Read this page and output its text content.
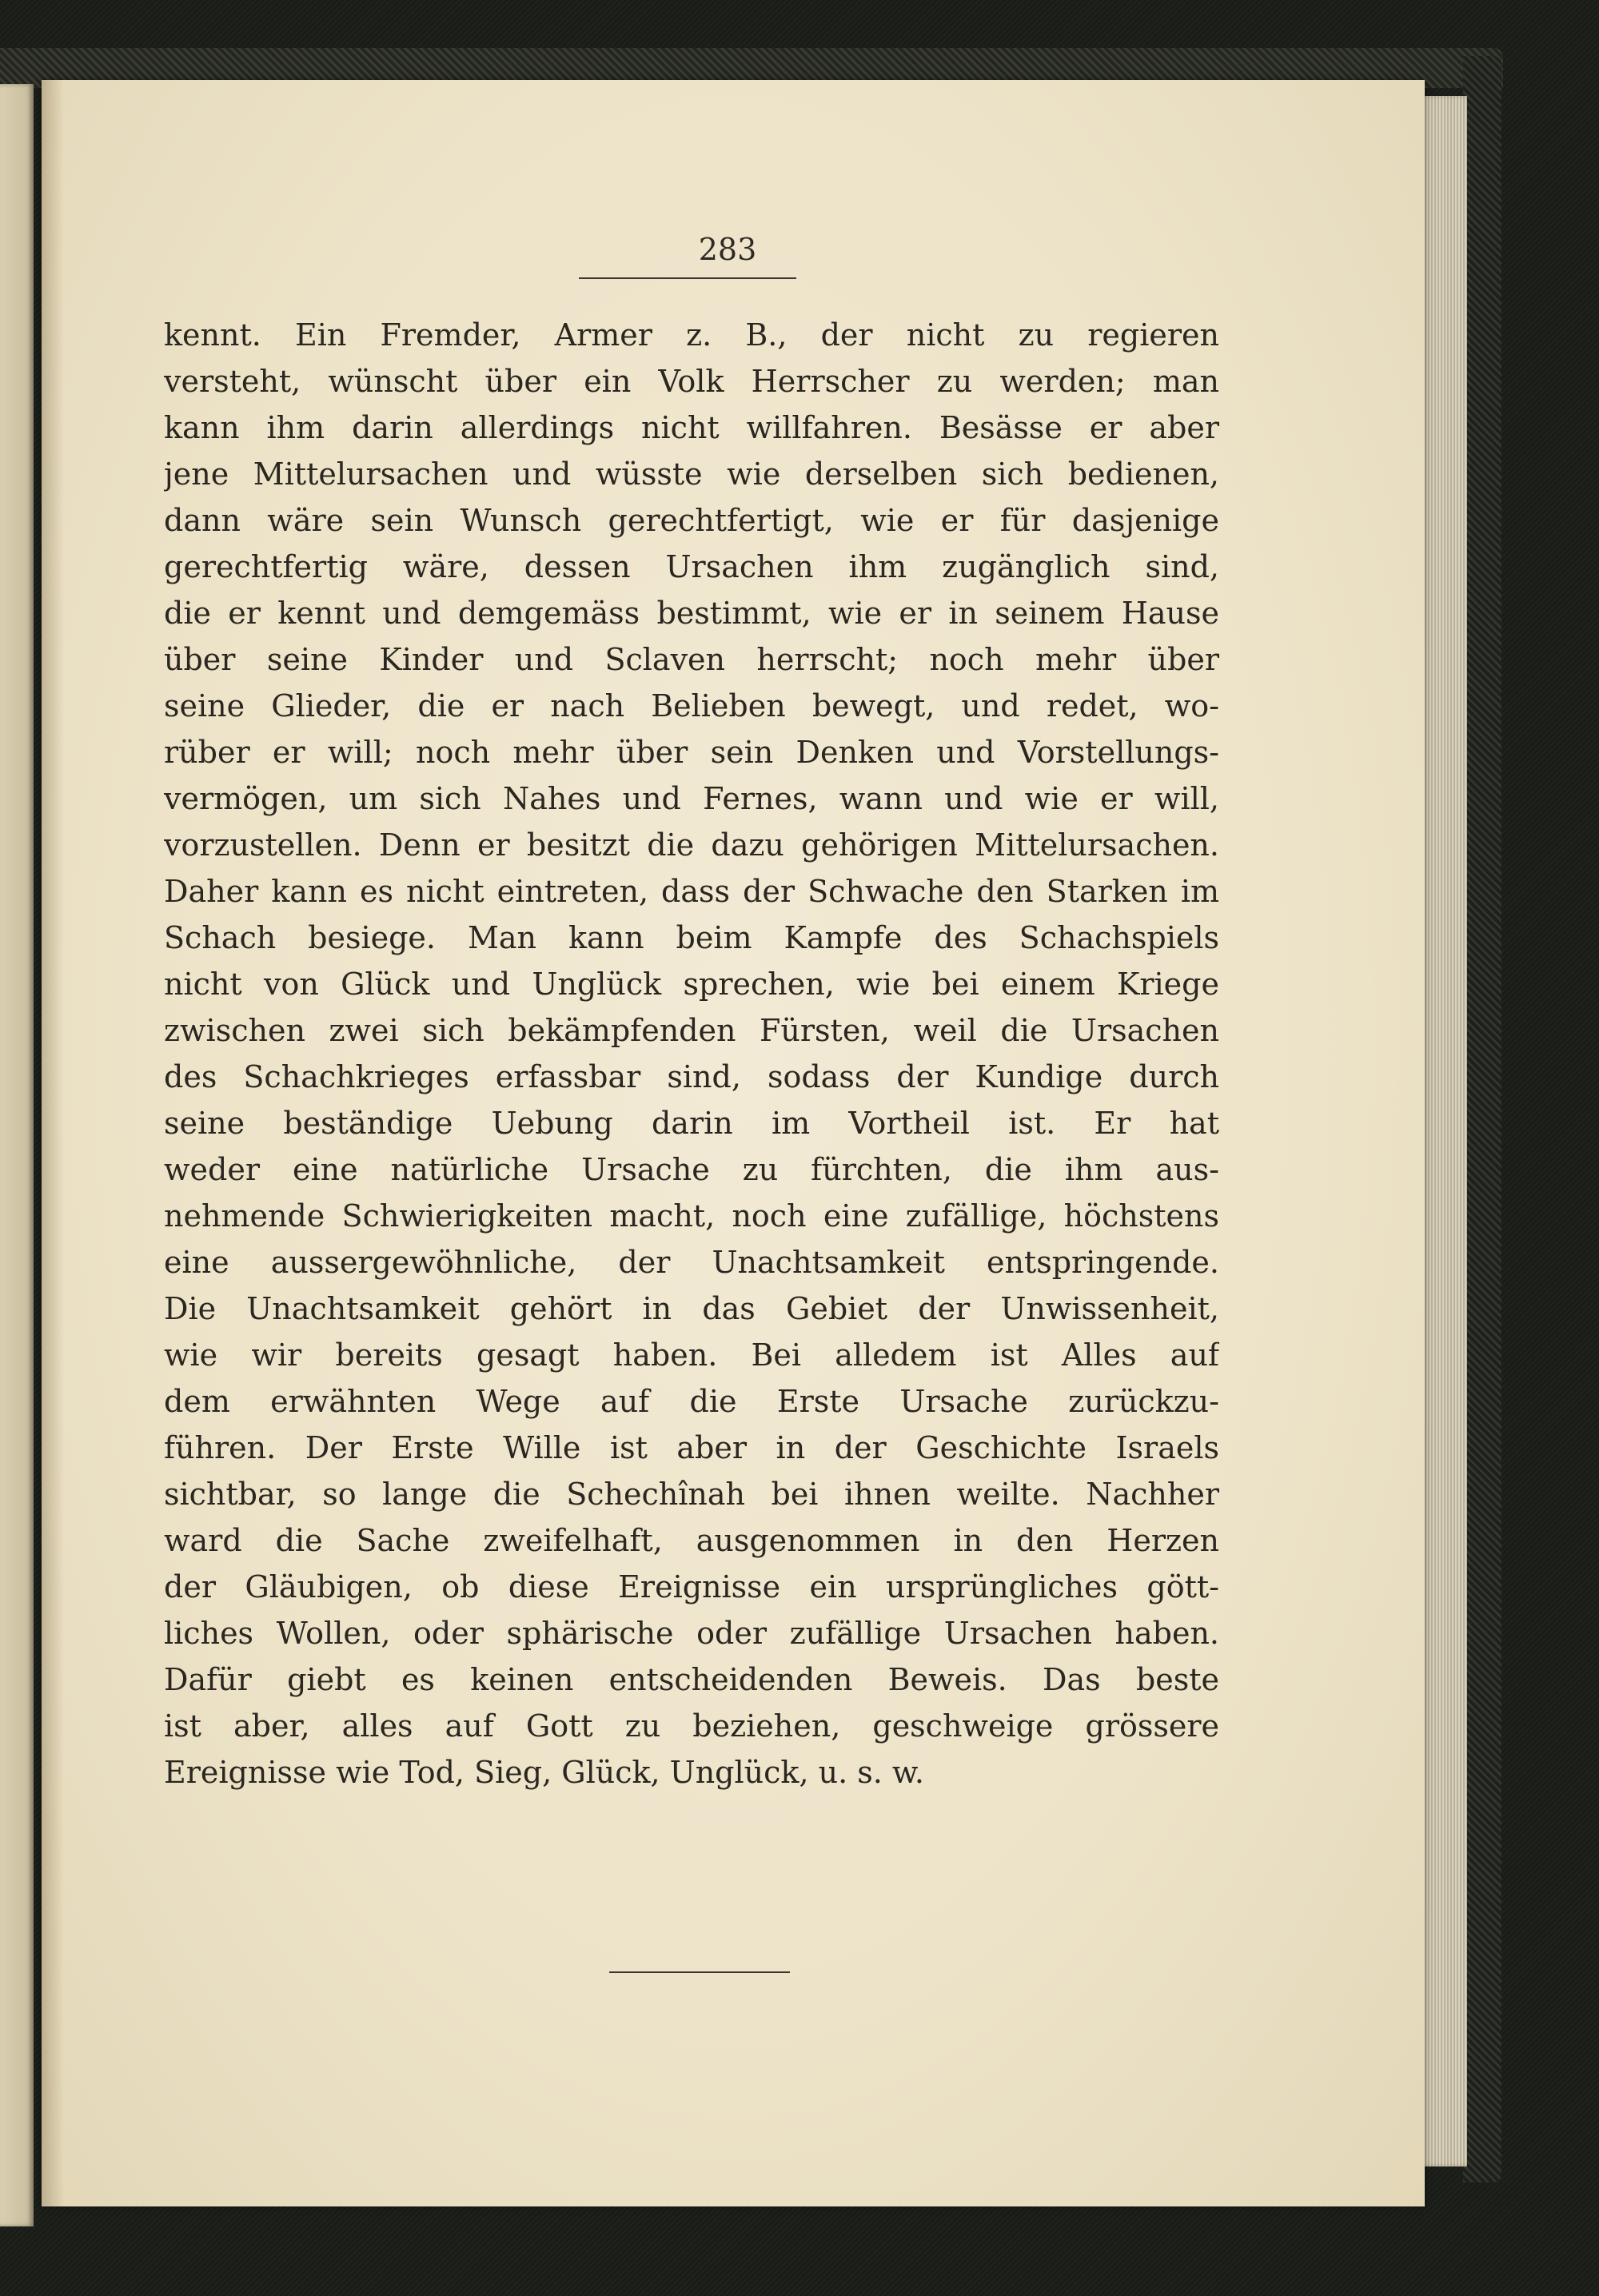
283
kennt. Ein Fremder, Armer z. B., der nicht zu regieren
versteht, wünscht über ein Volk Herrscher zu werden; man
kann ihm darin allerdings nicht willfahren. Besässe er aber
jene Mittelursachen und wüsste wie derselben sich bedienen,
dann wäre sein Wunsch gerechtfertigt, wie er für dasjenige
gerechtfertig wäre, dessen Ursachen ihm zugänglich sind,
die er kennt und demgemäss bestimmt, wie er in seinem Hause
über seine Kinder und Sclaven herrscht; noch mehr über
seine Glieder, die er nach Belieben bewegt, und redet, wo-
rüber er will; noch mehr über sein Denken und Vorstellungs-
vermögen, um sich Nahes und Fernes, wann und wie er will,
vorzustellen. Denn er besitzt die dazu gehörigen Mittelursachen.
Daher kann es nicht eintreten, dass der Schwache den Starken im
Schach besiege. Man kann beim Kampfe des Schachspiels
nicht von Glück und Unglück sprechen, wie bei einem Kriege
zwischen zwei sich bekämpfenden Fürsten, weil die Ursachen
des Schachkrieges erfassbar sind, sodass der Kundige durch
seine beständige Uebung darin im Vortheil ist. Er hat
weder eine natürliche Ursache zu fürchten, die ihm aus-
nehmende Schwierigkeiten macht, noch eine zufällige, höchstens
eine aussergewöhnliche, der Unachtsamkeit entspringende.
Die Unachtsamkeit gehört in das Gebiet der Unwissenheit,
wie wir bereits gesagt haben. Bei alledem ist Alles auf
dem erwähnten Wege auf die Erste Ursache zurückzu-
führen. Der Erste Wille ist aber in der Geschichte Israels
sichtbar, so lange die Schechînah bei ihnen weilte. Nachher
ward die Sache zweifelhaft, ausgenommen in den Herzen
der Gläubigen, ob diese Ereignisse ein ursprüngliches gött-
liches Wollen, oder sphärische oder zufällige Ursachen haben.
Dafür giebt es keinen entscheidenden Beweis. Das beste
ist aber, alles auf Gott zu beziehen, geschweige grössere
Ereignisse wie Tod, Sieg, Glück, Unglück, u. s. w.
